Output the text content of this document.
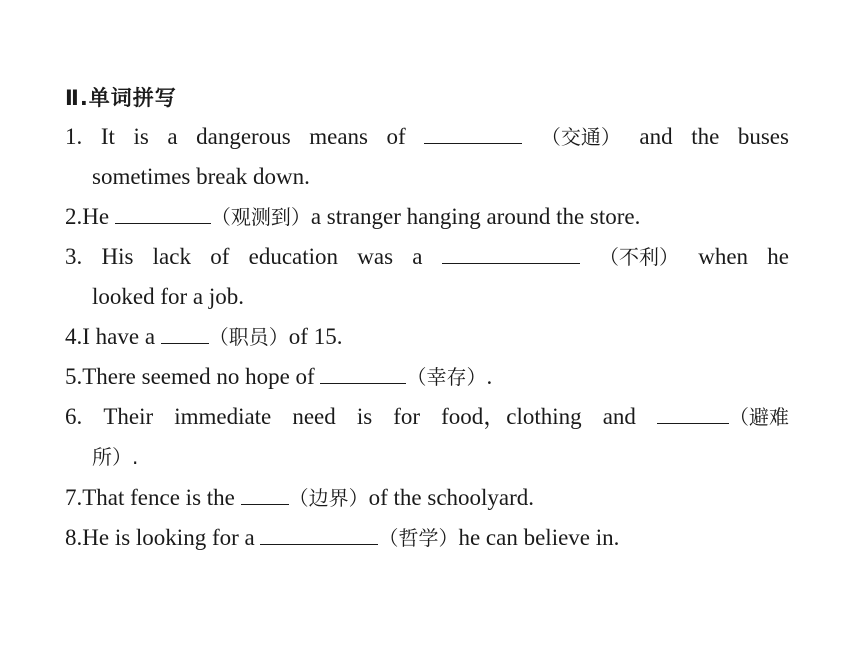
Ⅱ.单词拼写
1. It is a dangerous means of	（交通） and the buses
sometimes break down.
2.He	（观测到）a stranger hanging around the store.
3. His lack of education was a	（不利） when he
looked for a job.
4.I have a	（职员）of 15.
5.There seemed no hope of	（幸存）.
6. Their immediate need is for food，clothing and	（避难
所）.
7.That fence is the	（边界）of the schoolyard.
8.He is looking for a	（哲学）he can believe in.
